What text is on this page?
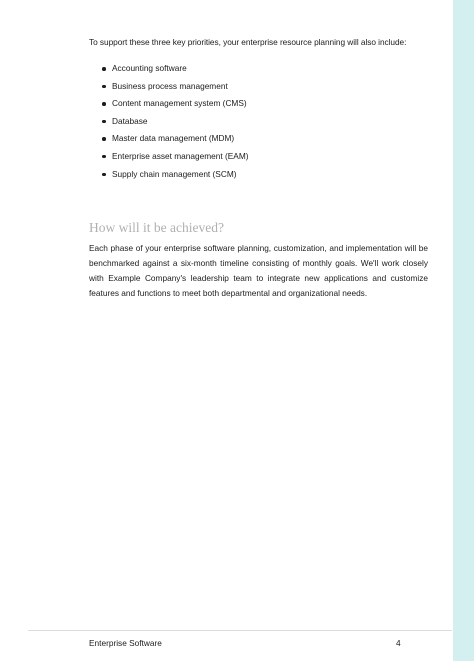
To support these three key priorities, your enterprise resource planning will also include:

Accounting software
Business process management
Content management system (CMS)
Database
Master data management (MDM)
Enterprise asset management (EAM)
Supply chain management (SCM)
How will it be achieved?

Each phase of your enterprise software planning, customization, and implementation will be benchmarked against a six-month timeline consisting of monthly goals. We'll work closely with Example Company's leadership team to integrate new applications and customize features and functions to meet both departmental and organizational needs.

Enterprise Software	4
